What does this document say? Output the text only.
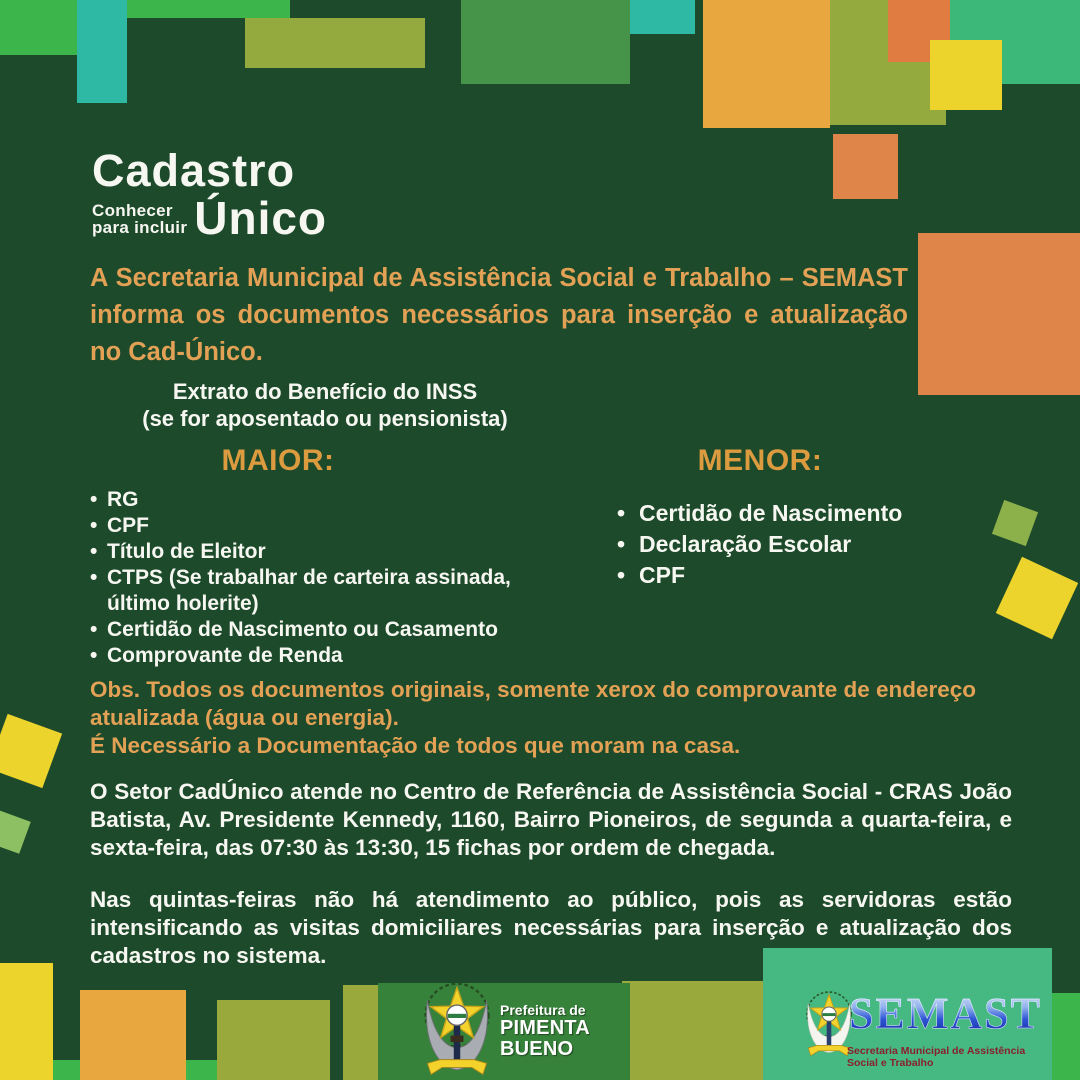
Cadastro
Conhecer
para incluir Único
A Secretaria Municipal de Assistência Social e Trabalho – SEMAST informa os documentos necessários para inserção e atualização no Cad-Único.
Extrato do Benefício do INSS
(se for aposentado ou pensionista)
MAIOR:
• RG
• CPF
• Título de Eleitor
• CTPS (Se trabalhar de carteira assinada, último holerite)
• Certidão de Nascimento ou Casamento
• Comprovante de Renda
MENOR:
• Certidão de Nascimento
• Declaração Escolar
• CPF
Obs. Todos os documentos originais, somente xerox do comprovante de endereço atualizada (água ou energia).
É Necessário a Documentação de todos que moram na casa.
O Setor CadÚnico atende no Centro de Referência de Assistência Social - CRAS João Batista, Av. Presidente Kennedy, 1160, Bairro Pioneiros, de segunda a quarta-feira, e sexta-feira, das 07:30 às 13:30, 15 fichas por ordem de chegada.
Nas quintas-feiras não há atendimento ao público, pois as servidoras estão intensificando as visitas domiciliares necessárias para inserção e atualização dos cadastros no sistema.
Prefeitura de
PIMENTA BUENO
SEMAST
Secretaria Municipal de Assistência Social e Trabalho
